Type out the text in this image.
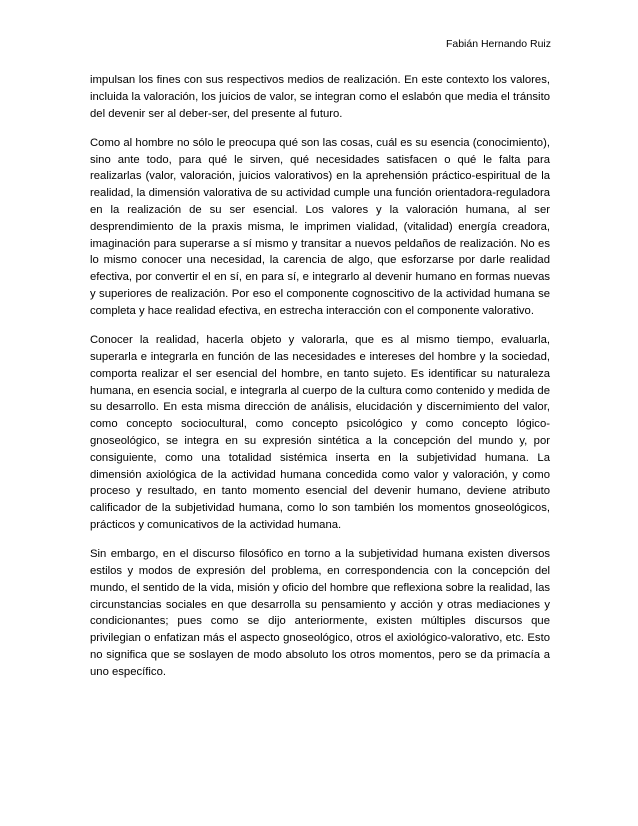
Fabián Hernando Ruiz

impulsan los fines con sus respectivos medios de realización. En este contexto los valores, incluida la valoración, los juicios de valor, se integran como el eslabón que media el tránsito del devenir ser al deber-ser, del presente al futuro.

Como al hombre no sólo le preocupa qué son las cosas, cuál es su esencia (conocimiento), sino ante todo, para qué le sirven, qué necesidades satisfacen o qué le falta para realizarlas (valor, valoración, juicios valorativos) en la aprehensión práctico-espiritual de la realidad, la dimensión valorativa de su actividad cumple una función orientadora-reguladora en la realización de su ser esencial. Los valores y la valoración humana, al ser desprendimiento de la praxis misma, le imprimen vialidad, (vitalidad) energía creadora, imaginación para superarse a sí mismo y transitar a nuevos peldaños de realización. No es lo mismo conocer una necesidad, la carencia de algo, que esforzarse por darle realidad efectiva, por convertir el en sí, en para sí, e integrarlo al devenir humano en formas nuevas y superiores de realización. Por eso el componente cognoscitivo de la actividad humana se completa y hace realidad efectiva, en estrecha interacción con el componente valorativo.

Conocer la realidad, hacerla objeto y valorarla, que es al mismo tiempo, evaluarla, superarla e integrarla en función de las necesidades e intereses del hombre y la sociedad, comporta realizar el ser esencial del hombre, en tanto sujeto. Es identificar su naturaleza humana, en esencia social, e integrarla al cuerpo de la cultura como contenido y medida de su desarrollo. En esta misma dirección de análisis, elucidación y discernimiento del valor, como concepto sociocultural, como concepto psicológico y como concepto lógico-gnoseológico, se integra en su expresión sintética a la concepción del mundo y, por consiguiente, como una totalidad sistémica inserta en la subjetividad humana. La dimensión axiológica de la actividad humana concedida como valor y valoración, y como proceso y resultado, en tanto momento esencial del devenir humano, deviene atributo calificador de la subjetividad humana, como lo son también los momentos gnoseológicos, prácticos y comunicativos de la actividad humana.

Sin embargo, en el discurso filosófico en torno a la subjetividad humana existen diversos estilos y modos de expresión del problema, en correspondencia con la concepción del mundo, el sentido de la vida, misión y oficio del hombre que reflexiona sobre la realidad, las circunstancias sociales en que desarrolla su pensamiento y acción y otras mediaciones y condicionantes; pues como se dijo anteriormente, existen múltiples discursos que privilegian o enfatizan más el aspecto gnoseológico, otros el axiológico-valorativo, etc. Esto no significa que se soslayen de modo absoluto los otros momentos, pero se da primacía a uno específico.
